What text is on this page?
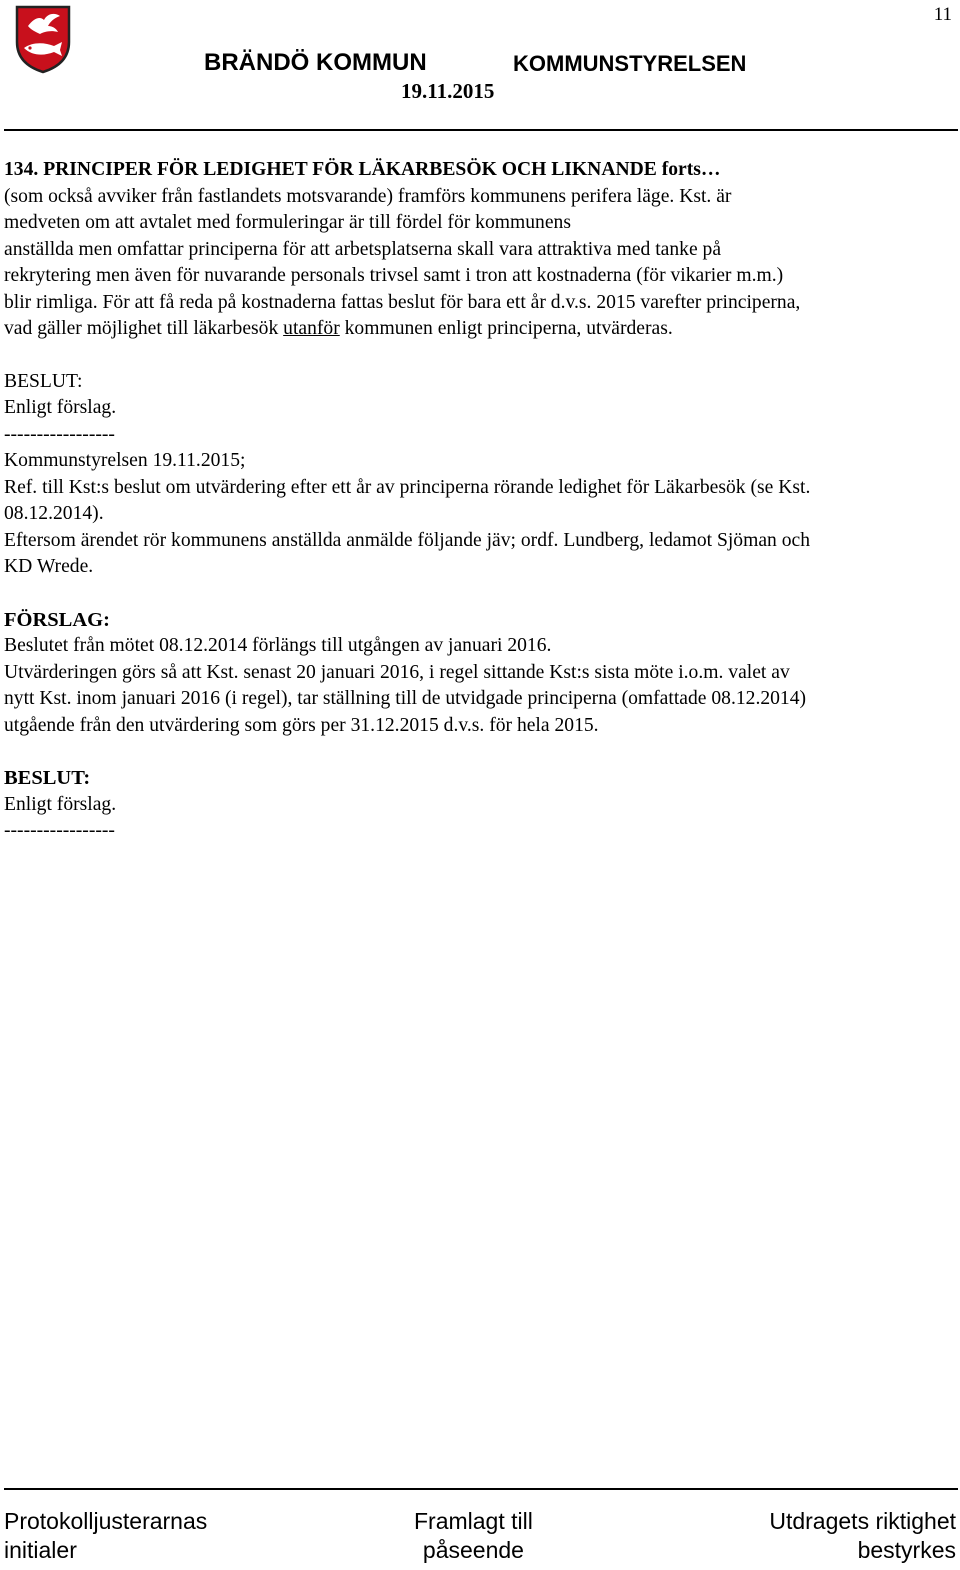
11
BRÄNDÖ KOMMUN	KOMMUNSTYRELSEN
19.11.2015
134. PRINCIPER FÖR LEDIGHET FÖR LÄKARBESÖK OCH LIKNANDE forts…
(som också avviker från fastlandets motsvarande) framförs kommunens perifera läge. Kst. är
medveten om att avtalet med formuleringar är till fördel för kommunens
anställda men omfattar principerna för att arbetsplatserna skall vara attraktiva med tanke på
rekrytering men även för nuvarande personals trivsel samt i tron att kostnaderna (för vikarier m.m.)
blir rimliga. För att få reda på kostnaderna fattas beslut för bara ett år d.v.s. 2015 varefter principerna,
vad gäller möjlighet till läkarbesök utanför kommunen enligt principerna, utvärderas.
BESLUT:
Enligt förslag.
-----------------
Kommunstyrelsen 19.11.2015;
Ref. till Kst:s beslut om utvärdering efter ett år av principerna rörande ledighet för Läkarbesök (se Kst.
08.12.2014).
Eftersom ärendet rör kommunens anställda anmälde följande jäv; ordf. Lundberg, ledamot Sjöman och
KD Wrede.
FÖRSLAG:
Beslutet från mötet 08.12.2014 förlängs till utgången av januari 2016.
Utvärderingen görs så att Kst. senast 20 januari 2016, i regel sittande Kst:s sista möte i.o.m. valet av
nytt Kst. inom januari 2016 (i regel), tar ställning till de utvidgade principerna (omfattade 08.12.2014)
utgående från den utvärdering som görs per 31.12.2015 d.v.s. för hela 2015.
BESLUT:
Enligt förslag.
-----------------
Protokolljusterarnas
initialer
Framlagt till
påseende
Utdragets riktighet
bestyrkes
